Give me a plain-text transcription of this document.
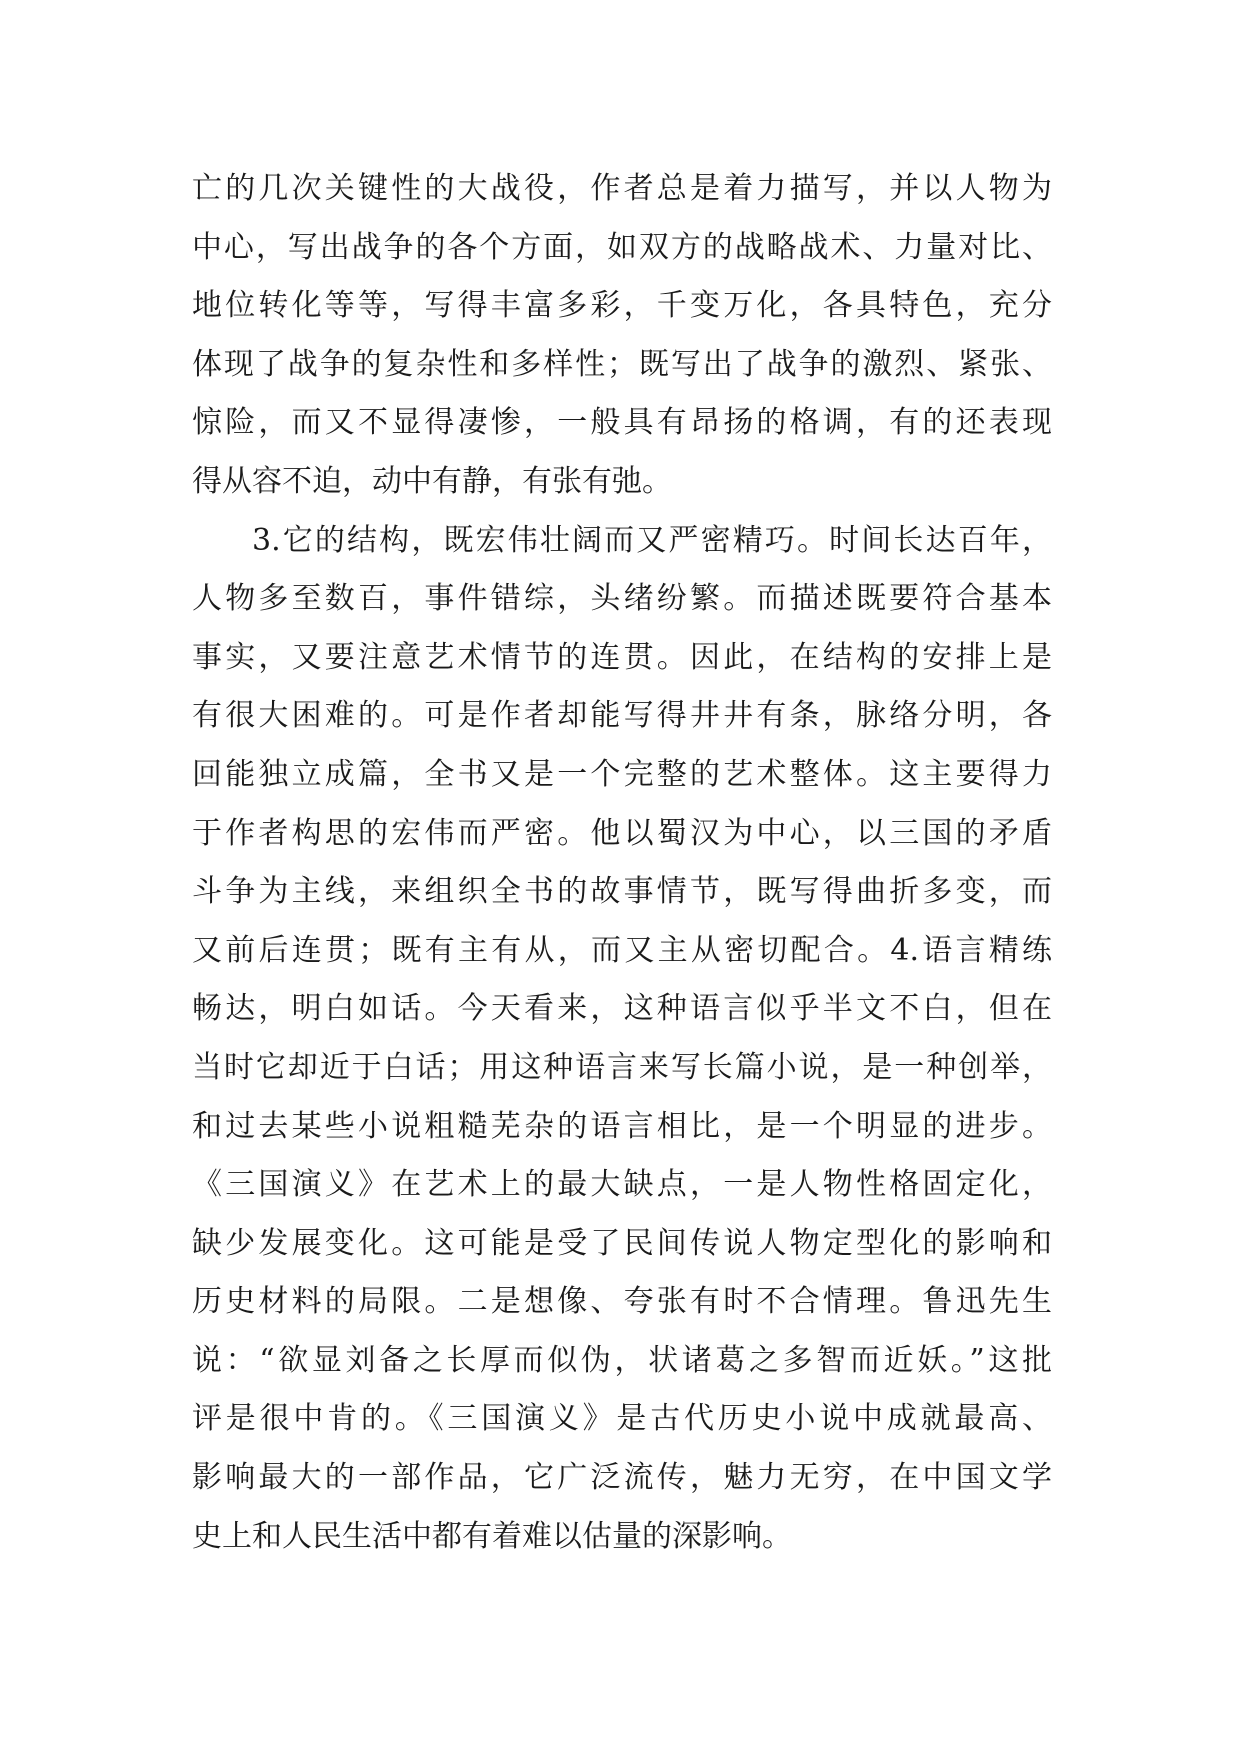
亡的几次关键性的大战役，作者总是着力描写，并以人物为
中心，写出战争的各个方面，如双方的战略战术、力量对比、
地位转化等等，写得丰富多彩，千变万化，各具特色，充分
体现了战争的复杂性和多样性；既写出了战争的激烈、紧张、
惊险，而又不显得凄惨，一般具有昂扬的格调，有的还表现
得从容不迫，动中有静，有张有弛。
3.它的结构，既宏伟壮阔而又严密精巧。时间长达百年，
人物多至数百，事件错综，头绪纷繁。而描述既要符合基本
事实，又要注意艺术情节的连贯。因此，在结构的安排上是
有很大困难的。可是作者却能写得井井有条，脉络分明，各
回能独立成篇，全书又是一个完整的艺术整体。这主要得力
于作者构思的宏伟而严密。他以蜀汉为中心，以三国的矛盾
斗争为主线，来组织全书的故事情节，既写得曲折多变，而
又前后连贯；既有主有从，而又主从密切配合。4.语言精练
畅达，明白如话。今天看来，这种语言似乎半文不白，但在
当时它却近于白话；用这种语言来写长篇小说，是一种创举，
和过去某些小说粗糙芜杂的语言相比，是一个明显的进步。
《三国演义》在艺术上的最大缺点，一是人物性格固定化，
缺少发展变化。这可能是受了民间传说人物定型化的影响和
历史材料的局限。二是想像、夸张有时不合情理。鲁迅先生
说：“欲显刘备之长厚而似伪，状诸葛之多智而近妖。”这批
评是很中肯的。《三国演义》是古代历史小说中成就最高、
影响最大的一部作品，它广泛流传，魅力无穷，在中国文学
史上和人民生活中都有着难以估量的深影响。
